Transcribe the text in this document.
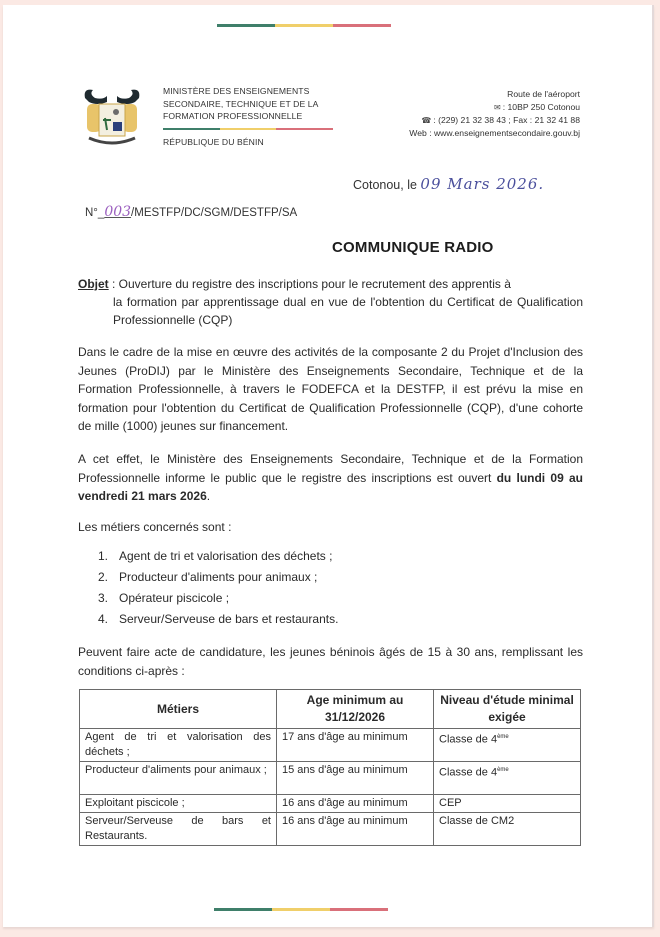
MINISTÈRE DES ENSEIGNEMENTS
SECONDAIRE, TECHNIQUE ET DE LA
FORMATION PROFESSIONNELLE
RÉPUBLIQUE DU BÉNIN
Route de l'aéroport
✉ : 10BP 250 Cotonou
☎ : (229) 21 32 38 43 ; Fax : 21 32 41 88
Web : www.enseignementsecondaire.gouv.bj
Cotonou, le 09 Mars 2026.
N°_003/MESTFP/DC/SGM/DESTFP/SA
COMMUNIQUE RADIO
Objet : Ouverture du registre des inscriptions pour le recrutement des apprentis à
la formation par apprentissage dual en vue de l'obtention du Certificat de Qualification Professionnelle (CQP)
Dans le cadre de la mise en œuvre des activités de la composante 2 du Projet d'Inclusion des Jeunes (ProDIJ) par le Ministère des Enseignements Secondaire, Technique et de la Formation Professionnelle, à travers le FODEFCA et la DESTFP, il est prévu la mise en formation pour l'obtention du Certificat de Qualification Professionnelle (CQP), d'une cohorte de mille (1000) jeunes sur financement.
A cet effet, le Ministère des Enseignements Secondaire, Technique et de la Formation Professionnelle informe le public que le registre des inscriptions est ouvert du lundi 09 au vendredi 21 mars 2026.
Les métiers concernés sont :
1. Agent de tri et valorisation des déchets ;
2. Producteur d'aliments pour animaux ;
3. Opérateur piscicole ;
4. Serveur/Serveuse de bars et restaurants.
Peuvent faire acte de candidature, les jeunes béninois âgés de 15 à 30 ans, remplissant les conditions ci-après :
Métiers	Age minimum au 31/12/2026	Niveau d'étude minimal exigée
Agent de tri et valorisation des déchets ;	17 ans d'âge au minimum	Classe de 4ème
Producteur d'aliments pour animaux ;	15 ans d'âge au minimum	Classe de 4ème
Exploitant piscicole ;	16 ans d'âge au minimum	CEP
Serveur/Serveuse de bars et Restaurants.	16 ans d'âge au minimum	Classe de CM2
